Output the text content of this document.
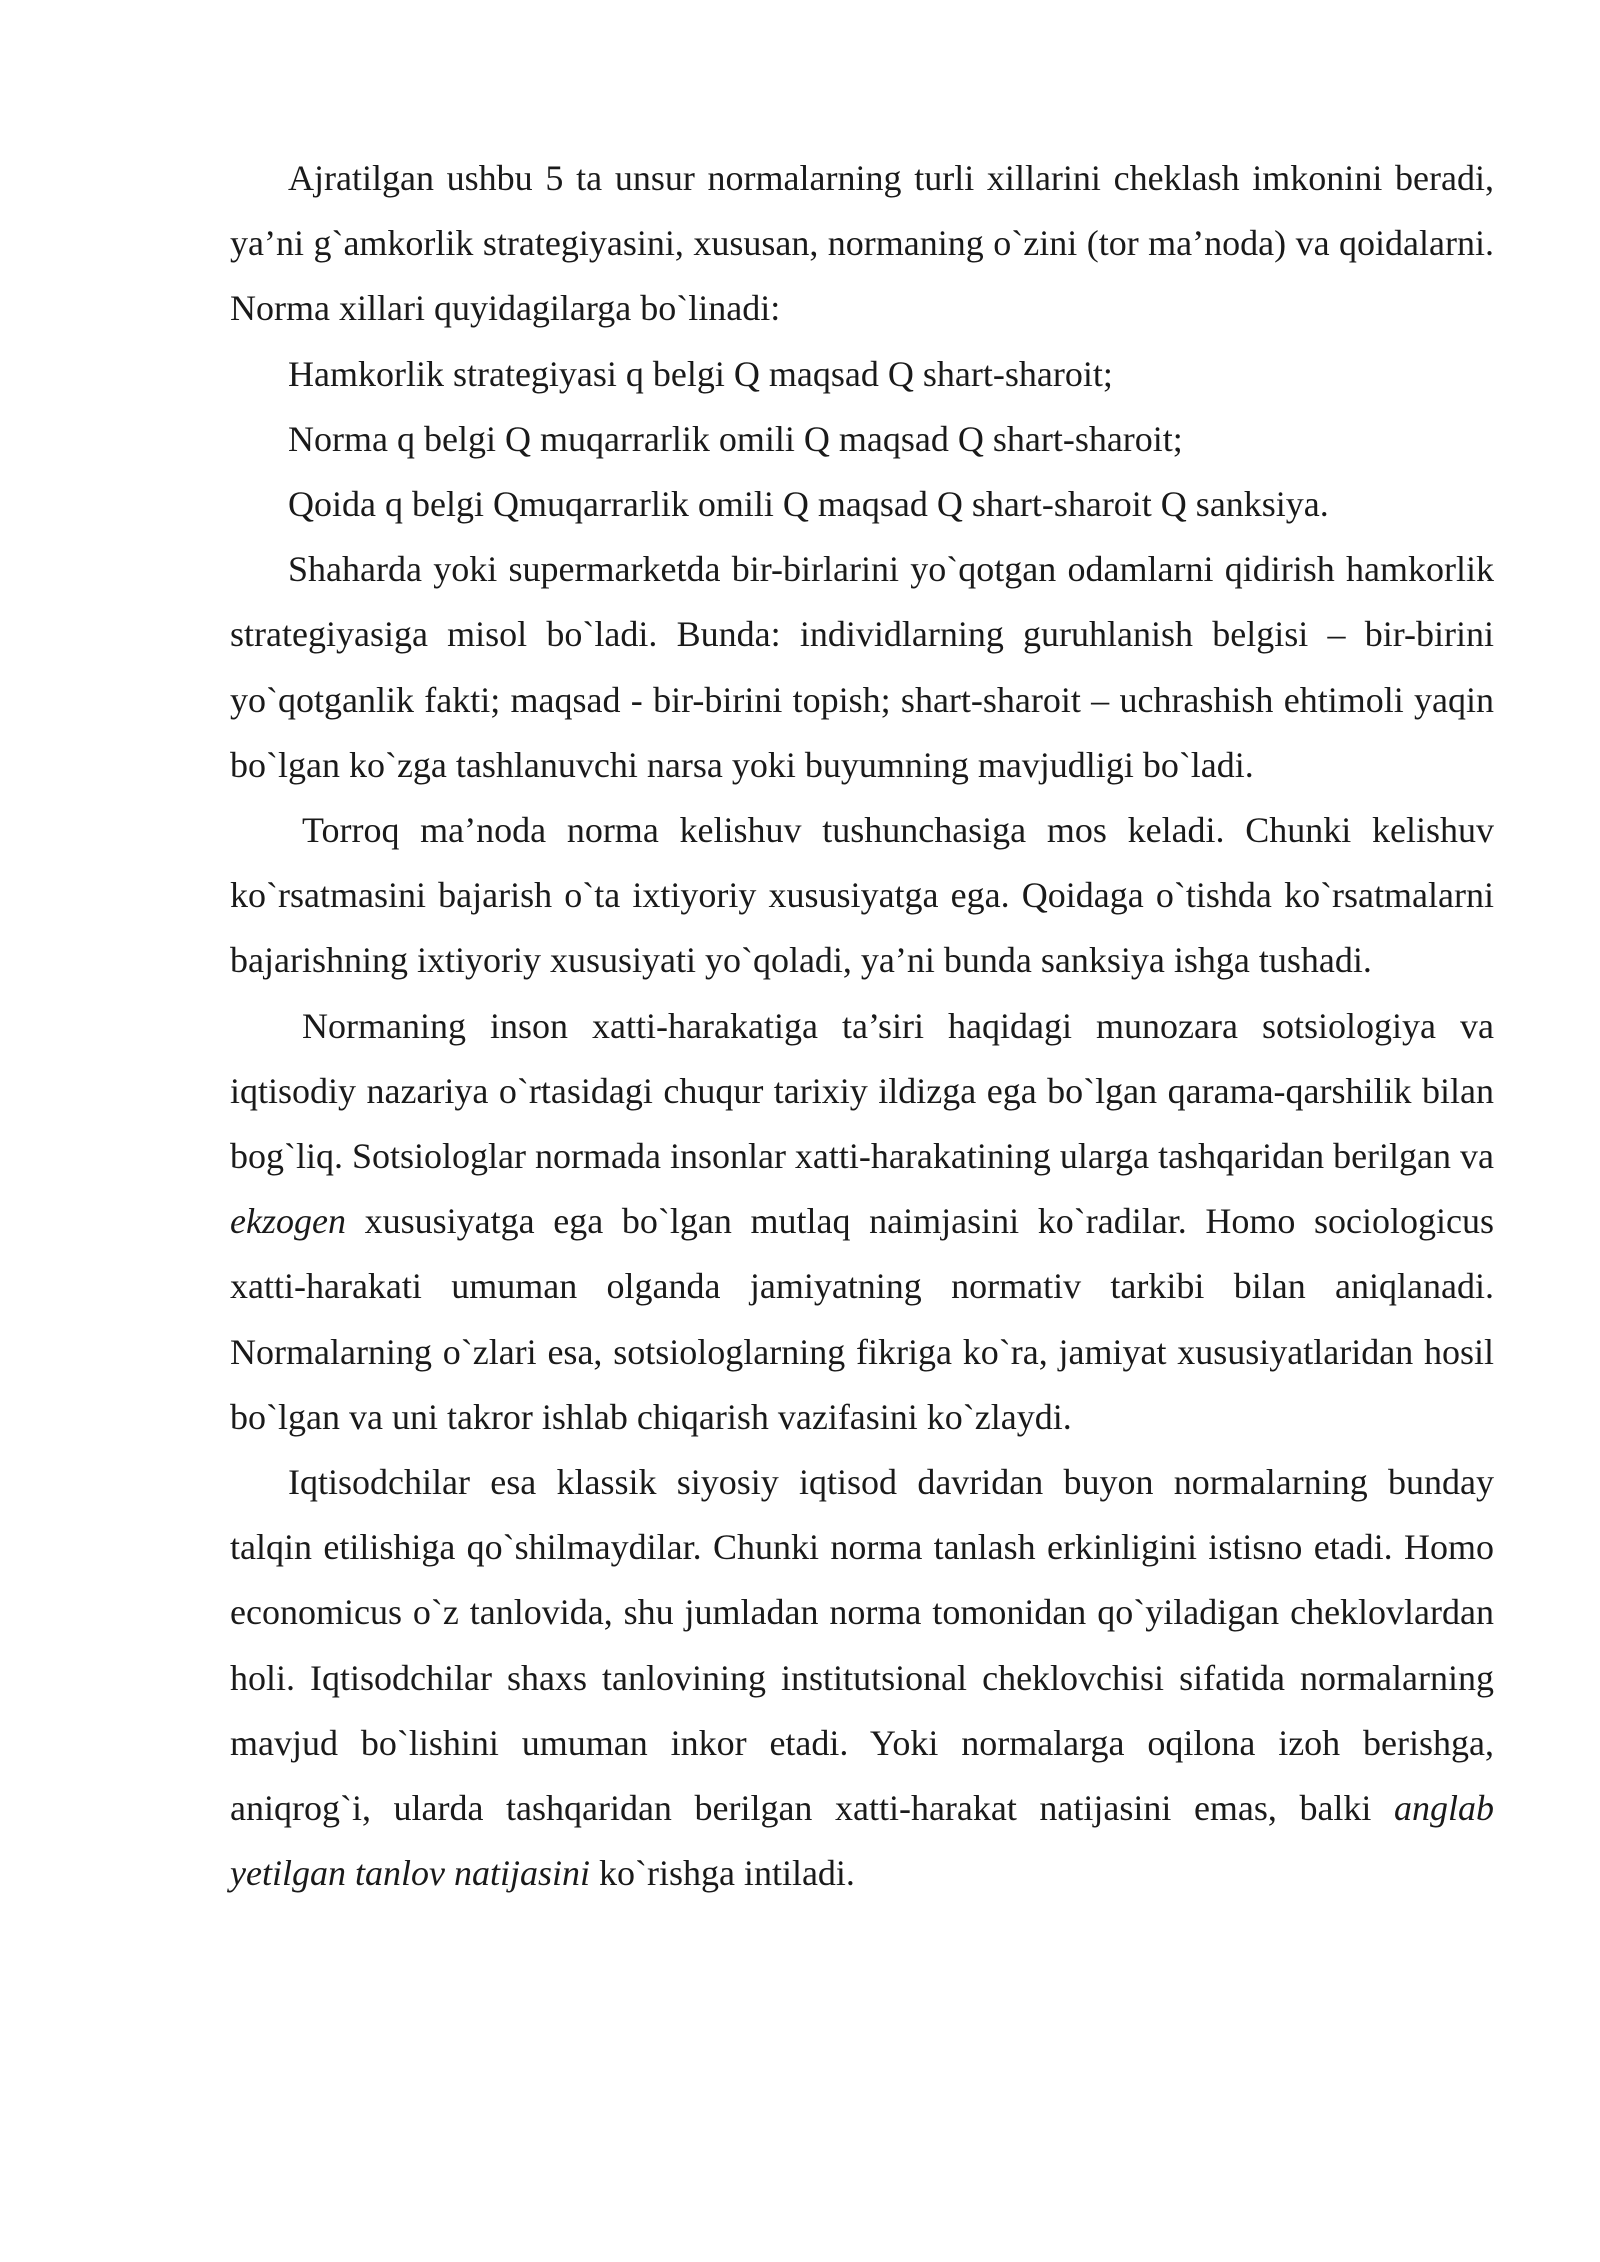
Ajratilgan ushbu 5 ta unsur normalarning turli xillarini cheklash imkonini beradi, ya’ni g`amkorlik strategiyasini, xususan, normaning o`zini (tor ma’noda) va qoidalarni. Norma xillari quyidagilarga bo`linadi:

Hamkorlik strategiyasi q belgi Q maqsad Q shart-sharoit;

Norma q belgi Q muqarrarlik omili Q maqsad Q shart-sharoit;

Qoida q belgi Qmuqarrarlik omili Q maqsad Q shart-sharoit Q sanksiya.

Shaharda yoki supermarketda bir-birlarini yo`qotgan odamlarni qidirish hamkorlik strategiyasiga misol bo`ladi. Bunda: individlarning guruhlanish belgisi – bir-birini yo`qotganlik fakti; maqsad - bir-birini topish; shart-sharoit – uchrashish ehtimoli yaqin bo`lgan ko`zga tashlanuvchi narsa yoki buyumning mavjudligi bo`ladi.

Torroq ma’noda norma kelishuv tushunchasiga mos keladi. Chunki kelishuv ko`rsatmasini bajarish o`ta ixtiyoriy xususiyatga ega. Qoidaga o`tishda ko`rsatmalarni bajarishning ixtiyoriy xususiyati yo`qoladi, ya’ni bunda sanksiya ishga tushadi.

Normaning inson xatti-harakatiga ta’siri haqidagi munozara sotsiologiya va iqtisodiy nazariya o`rtasidagi chuqur tarixiy ildizga ega bo`lgan qarama-qarshilik bilan bog`liq. Sotsiologlar normada insonlar xatti-harakatining ularga tashqaridan berilgan va ekzogen xususiyatga ega bo`lgan mutlaq naimjasini ko`radilar. Homo sociologicus xatti-harakati umuman olganda jamiyatning normativ tarkibi bilan aniqlanadi. Normalarning o`zlari esa, sotsiologlarning fikriga ko`ra, jamiyat xususiyatlaridan hosil bo`lgan va uni takror ishlab chiqarish vazifasini ko`zlaydi.

Iqtisodchilar esa klassik siyosiy iqtisod davridan buyon normalarning bunday talqin etilishiga qo`shilmaydilar. Chunki norma tanlash erkinligini istisno etadi. Homo economicus o`z tanlovida, shu jumladan norma tomonidan qo`yiladigan cheklovlardan holi. Iqtisodchilar shaxs tanlovining institutsional cheklovchisi sifatida normalarning mavjud bo`lishini umuman inkor etadi. Yoki normalarga oqilona izoh berishga, aniqrog`i, ularda tashqaridan berilgan xatti-harakat natijasini emas, balki anglab yetilgan tanlov natijasini ko`rishga intiladi.
